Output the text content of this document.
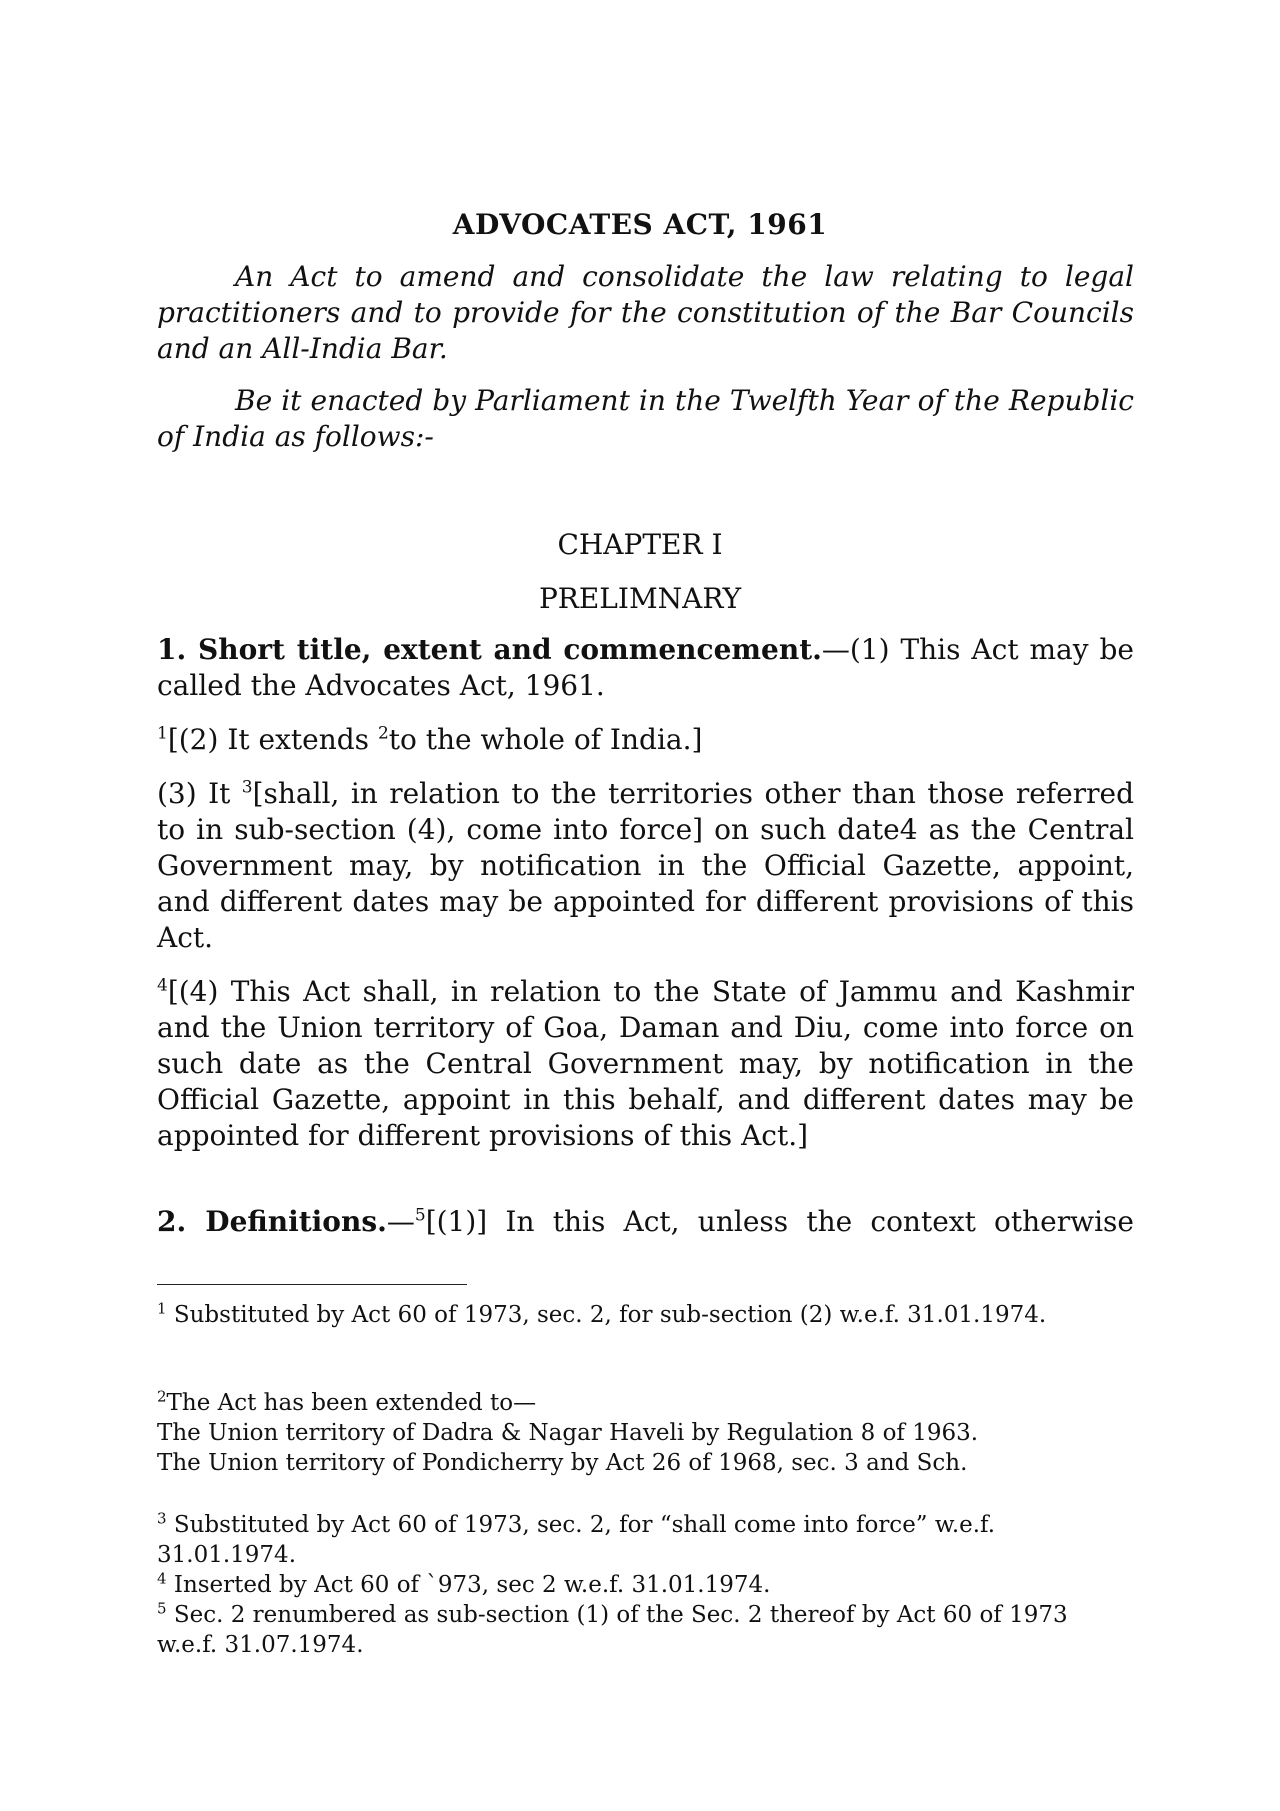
ADVOCATES ACT, 1961
An Act to amend and consolidate the law relating to legal practitioners and to provide for the constitution of the Bar Councils and an All-India Bar.
Be it enacted by Parliament in the Twelfth Year of the Republic of India as follows:-
CHAPTER I
PRELIMNARY
1. Short title, extent and commencement.—(1) This Act may be called the Advocates Act, 1961.
$^1$[(2) It extends $^2$to the whole of India.]
(3) It $^3$[shall, in relation to the territories other than those referred to in sub-section (4), come into force] on such date4 as the Central Government may, by notification in the Official Gazette, appoint, and different dates may be appointed for different provisions of this Act.
$^4$[(4) This Act shall, in relation to the State of Jammu and Kashmir and the Union territory of Goa, Daman and Diu, come into force on such date as the Central Government may, by notification in the Official Gazette, appoint in this behalf, and different dates may be appointed for different provisions of this Act.]
2. Definitions.—$^5$[(1)] In this Act, unless the context otherwise
$^1$ Substituted by Act 60 of 1973, sec. 2, for sub-section (2) w.e.f. 31.01.1974.
$^2$The Act has been extended to—
The Union territory of Dadra & Nagar Haveli by Regulation 8 of 1963.
The Union territory of Pondicherry by Act 26 of 1968, sec. 3 and Sch.
$^3$ Substituted by Act 60 of 1973, sec. 2, for “shall come into force” w.e.f. 31.01.1974.
$^4$ Inserted by Act 60 of `973, sec 2 w.e.f. 31.01.1974.
$^5$ Sec. 2 renumbered as sub-section (1) of the Sec. 2 thereof by Act 60 of 1973 w.e.f. 31.07.1974.
